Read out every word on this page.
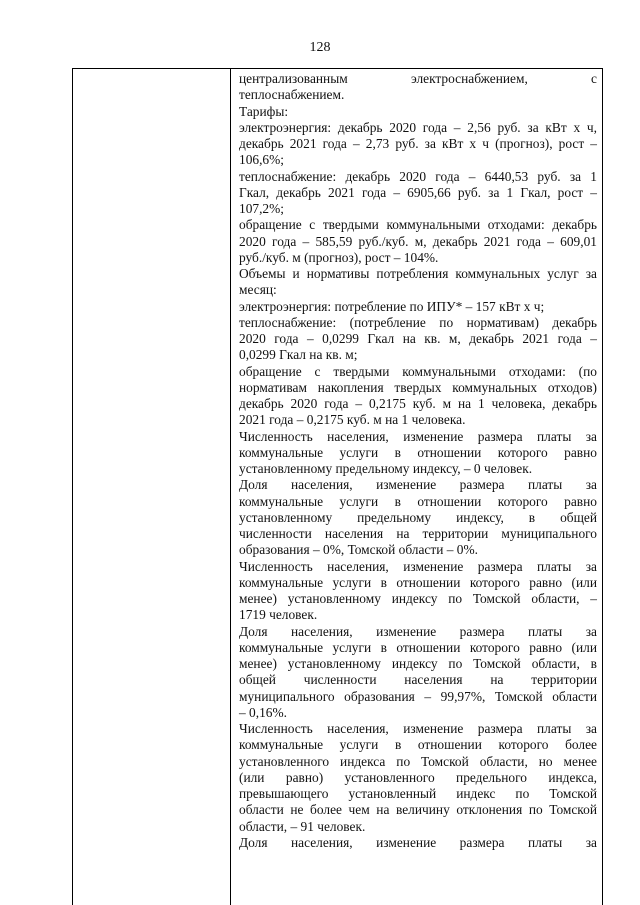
128
централизованным электроснабжением, с
теплоснабжением.
Тарифы:
электроэнергия: декабрь 2020 года – 2,56 руб. за кВт х ч,
декабрь 2021 года – 2,73 руб. за кВт х ч (прогноз), рост –
106,6%;
теплоснабжение: декабрь 2020 года – 6440,53 руб. за 1
Гкал, декабрь 2021 года – 6905,66 руб. за 1 Гкал, рост –
107,2%;
обращение с твердыми коммунальными отходами: декабрь
2020 года – 585,59 руб./куб. м, декабрь 2021 года – 609,01
руб./куб. м (прогноз), рост – 104%.
Объемы и нормативы потребления коммунальных услуг за
месяц:
электроэнергия: потребление по ИПУ* – 157 кВт х ч;
теплоснабжение: (потребление по нормативам) декабрь
2020 года – 0,0299 Гкал на кв. м, декабрь 2021 года –
0,0299 Гкал на кв. м;
обращение с твердыми коммунальными отходами: (по
нормативам накопления твердых коммунальных отходов)
декабрь 2020 года – 0,2175 куб. м на 1 человека, декабрь
2021 года – 0,2175 куб. м на 1 человека.
Численность населения, изменение размера платы за
коммунальные услуги в отношении которого равно
установленному предельному индексу, – 0 человек.
Доля населения, изменение размера платы за
коммунальные услуги в отношении которого равно
установленному предельному индексу, в общей
численности населения на территории муниципального
образования – 0%, Томской области – 0%.
Численность населения, изменение размера платы за
коммунальные услуги в отношении которого равно (или
менее) установленному индексу по Томской области, –
1719 человек.
Доля населения, изменение размера платы за
коммунальные услуги в отношении которого равно (или
менее) установленному индексу по Томской области, в
общей численности населения на территории
муниципального образования – 99,97%, Томской области
– 0,16%.
Численность населения, изменение размера платы за
коммунальные услуги в отношении которого более
установленного индекса по Томской области, но менее
(или равно) установленного предельного индекса,
превышающего установленный индекс по Томской
области не более чем на величину отклонения по Томской
области, – 91 человек.
Доля населения, изменение размера платы за
